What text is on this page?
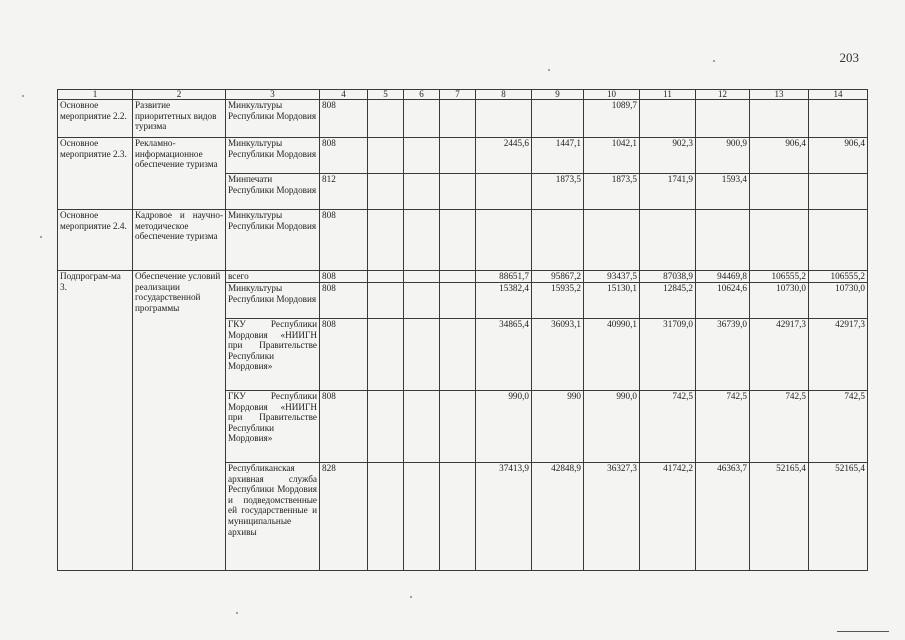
203
1	2	3	4	5	6	7	8	9	10	11	12	13	14
Основное мероприятие 2.2.	Развитие приоритетных видов туризма	Минкультуры Республики Мордовия	808						1089,7				
Основное мероприятие 2.3.	Рекламно-информационное обеспечение туризма	Минкультуры Республики Мордовия	808				2445,6	1447,1	1042,1	902,3	900,9	906,4	906,4
		Минпечати Республики Мордовия	812					1873,5	1873,5	1741,9	1593,4		
Основное мероприятие 2.4.	Кадровое и научно-методическое обеспечение туризма	Минкультуры Республики Мордовия	808										
Подпрограм-ма 3.	Обеспечение условий реализации государственной программы	всего	808				88651,7	95867,2	93437,5	87038,9	94469,8	106555,2	106555,2
		Минкультуры Республики Мордовия	808				15382,4	15935,2	15130,1	12845,2	10624,6	10730,0	10730,0
		ГКУ Республики Мордовия «НИИГН при Правительстве Республики Мордовия»	808				34865,4	36093,1	40990,1	31709,0	36739,0	42917,3	42917,3
		ГКУ Республики Мордовия «НИИГН при Правительстве Республики Мордовия»	808				990,0	990	990,0	742,5	742,5	742,5	742,5
		Республиканская архивная служба Республики Мордовия и подведомственные ей государственные и муниципальные архивы	828				37413,9	42848,9	36327,3	41742,2	46363,7	52165,4	52165,4
